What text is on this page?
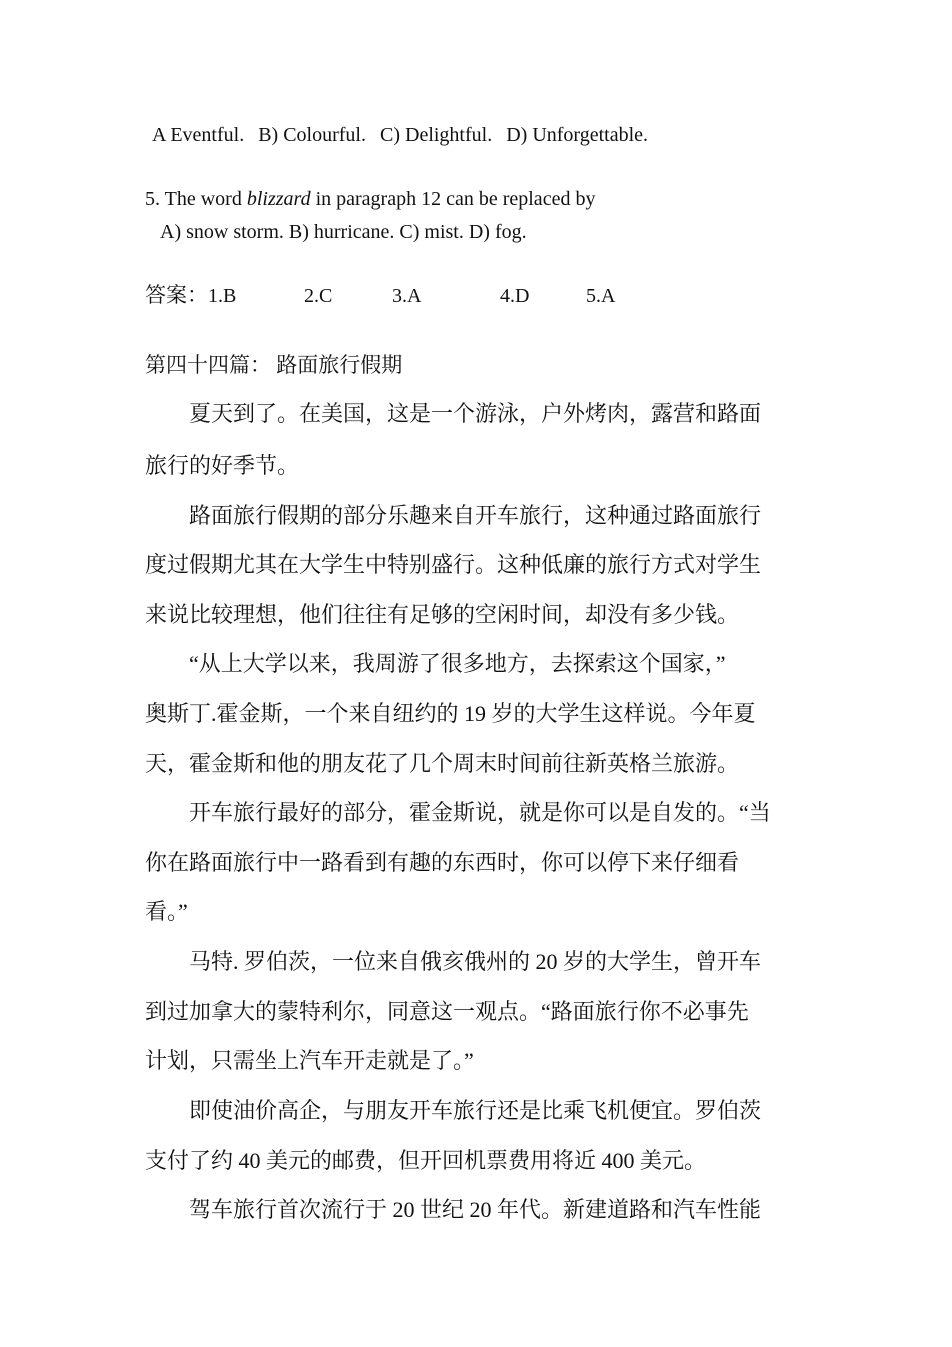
A Eventful. B) Colourful. C) Delightful. D) Unforgettable.
5. The word blizzard in paragraph 12 can be replaced by
A) snow storm. B) hurricane. C) mist. D) fog.
答案：1.B	2.C	3.A	4.D	5.A
第四十四篇： 路面旅行假期
　　夏天到了。在美国，这是一个游泳，户外烤肉，露营和路面
旅行的好季节。
　　路面旅行假期的部分乐趣来自开车旅行，这种通过路面旅行
度过假期尤其在大学生中特别盛行。这种低廉的旅行方式对学生
来说比较理想，他们往往有足够的空闲时间，却没有多少钱。
　　“从上大学以来，我周游了很多地方，去探索这个国家，”
奥斯丁.霍金斯，一个来自纽约的 19 岁的大学生这样说。今年夏
天，霍金斯和他的朋友花了几个周末时间前往新英格兰旅游。
　　开车旅行最好的部分，霍金斯说，就是你可以是自发的。“当
你在路面旅行中一路看到有趣的东西时，你可以停下来仔细看
看。”
　　马特. 罗伯茨，一位来自俄亥俄州的 20 岁的大学生，曾开车
到过加拿大的蒙特利尔，同意这一观点。“路面旅行你不必事先
计划，只需坐上汽车开走就是了。”
　　即使油价高企，与朋友开车旅行还是比乘飞机便宜。罗伯茨
支付了约 40 美元的邮费，但开回机票费用将近 400 美元。
　　驾车旅行首次流行于 20 世纪 20 年代。新建道路和汽车性能
